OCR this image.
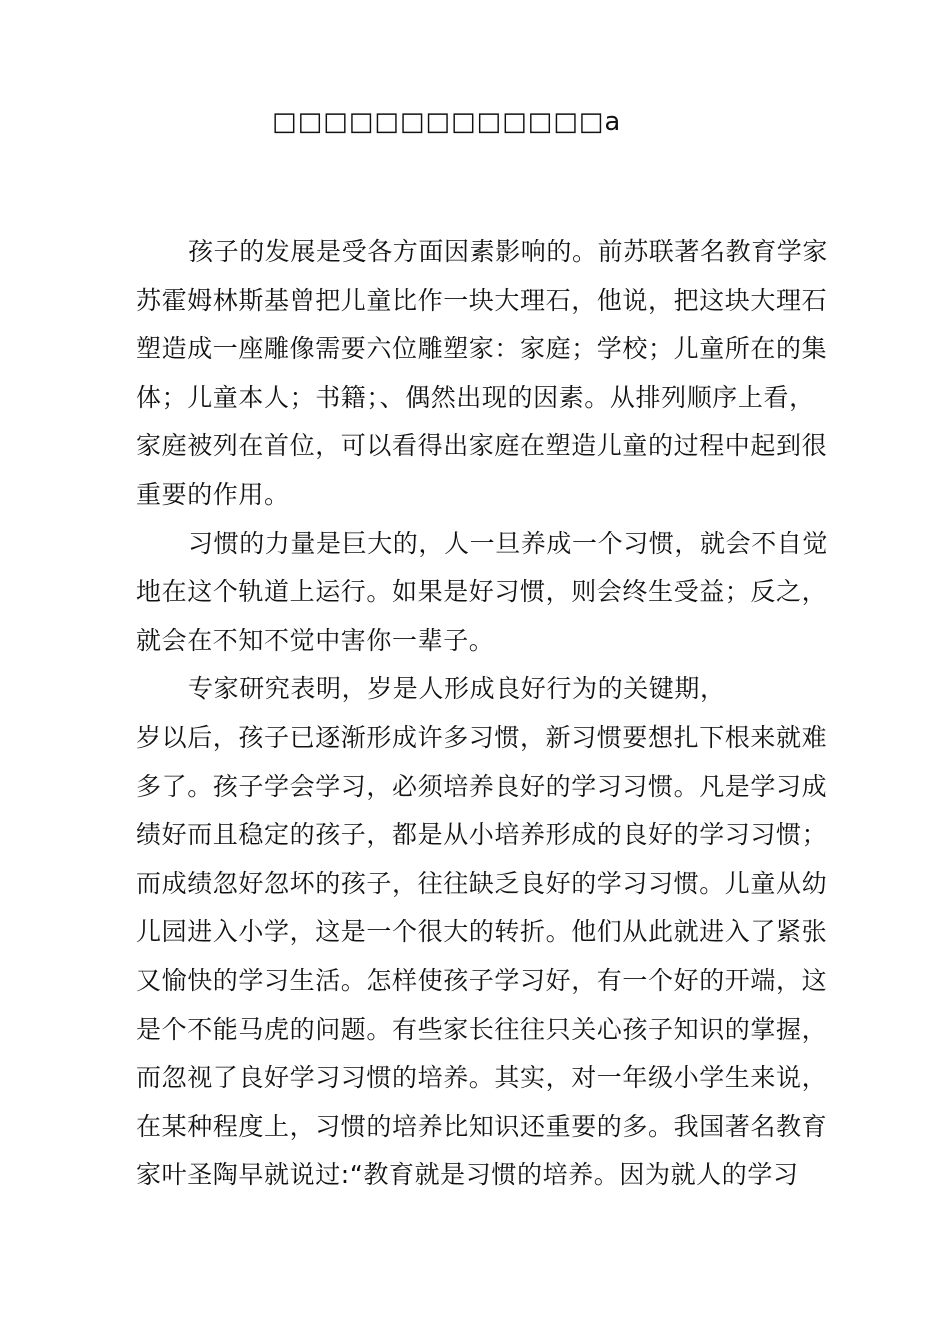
□□□□□□□□□□□□□a

孩子的发展是受各方面因素影响的。前苏联著名教育学家
苏霍姆林斯基曾把儿童比作一块大理石，他说，把这块大理石
塑造成一座雕像需要六位雕塑家：家庭；学校；儿童所在的集
体；儿童本人；书籍；、偶然出现的因素。从排列顺序上看，
家庭被列在首位，可以看得出家庭在塑造儿童的过程中起到很
重要的作用。

习惯的力量是巨大的，人一旦养成一个习惯，就会不自觉
地在这个轨道上运行。如果是好习惯，则会终生受益；反之，
就会在不知不觉中害你一辈子。

专家研究表明，岁是人形成良好行为的关键期，
岁以后，孩子已逐渐形成许多习惯，新习惯要想扎下根来就难
多了。孩子学会学习，必须培养良好的学习习惯。凡是学习成
绩好而且稳定的孩子，都是从小培养形成的良好的学习习惯；
而成绩忽好忽坏的孩子，往往缺乏良好的学习习惯。儿童从幼
儿园进入小学，这是一个很大的转折。他们从此就进入了紧张
又愉快的学习生活。怎样使孩子学习好，有一个好的开端，这
是个不能马虎的问题。有些家长往往只关心孩子知识的掌握，
而忽视了良好学习习惯的培养。其实，对一年级小学生来说，
在某种程度上，习惯的培养比知识还重要的多。我国著名教育
家叶圣陶早就说过:“教育就是习惯的培养。因为就人的学习
